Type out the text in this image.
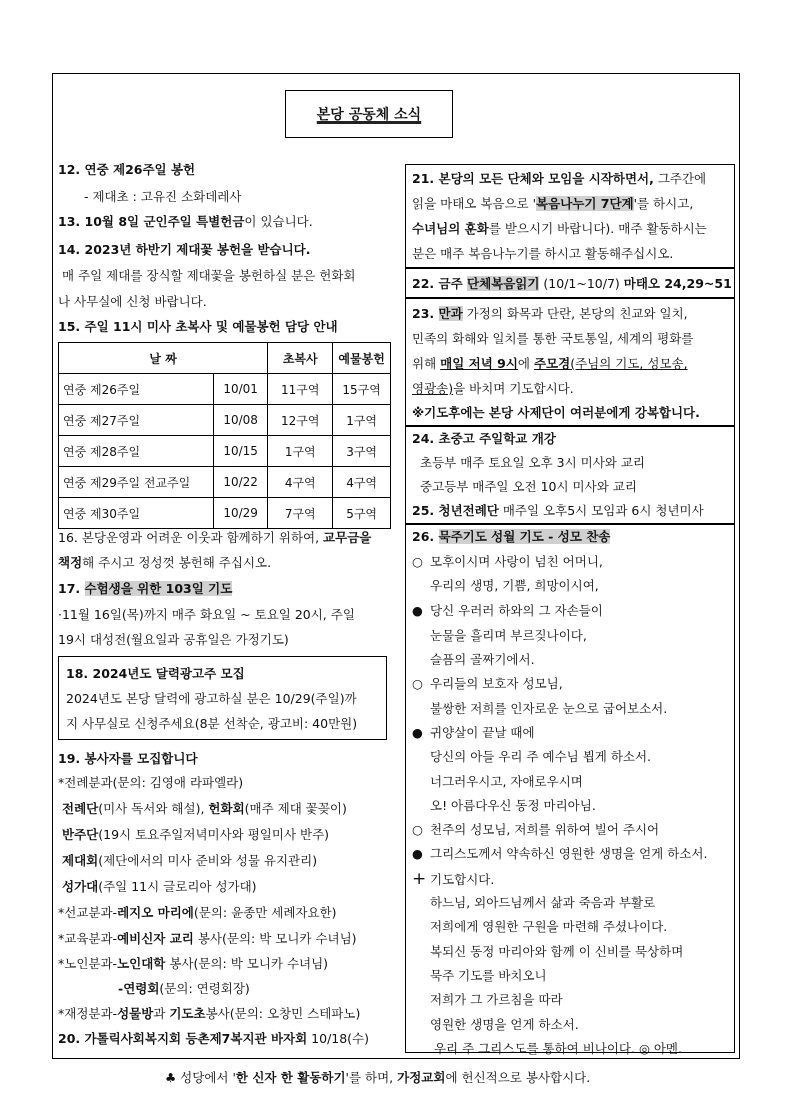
본당 공동체 소식
12. 연중 제26주일 봉헌
- 제대초 : 고유진 소화데레사
13. 10월 8일 군인주일 특별헌금이 있습니다.
14. 2023년 하반기 제대꽃 봉헌을 받습니다.
매 주일 제대를 장식할 제대꽃을 봉헌하실 분은 헌화회
나 사무실에 신청 바랍니다.
15. 주일 11시 미사 초복사 및 예물봉헌 담당 안내
날 짜		초복사	예물봉헌
연중 제26주일	10/01	11구역	15구역
연중 제27주일	10/08	12구역	1구역
연중 제28주일	10/15	1구역	3구역
연중 제29주일 전교주일	10/22	4구역	4구역
연중 제30주일	10/29	7구역	5구역
16. 본당운영과 어려운 이웃과 함께하기 위하여, 교무금을
책정해 주시고 정성껏 봉헌해 주십시오.
17. 수험생을 위한 103일 기도
·11월 16일(목)까지 매주 화요일 ~ 토요일 20시, 주일
19시 대성전(월요일과 공휴일은 가정기도)
18. 2024년도 달력광고주 모집
2024년도 본당 달력에 광고하실 분은 10/29(주일)까
지 사무실로 신청주세요(8분 선착순, 광고비: 40만원)
19. 봉사자를 모집합니다
*전례분과(문의: 김영애 라파엘라)
전례단(미사 독서와 해설), 헌화회(매주 제대 꽃꽂이)
반주단(19시 토요주일저녁미사와 평일미사 반주)
제대회(제단에서의 미사 준비와 성물 유지관리)
성가대(주일 11시 글로리아 성가대)
*선교분과-레지오 마리에(문의: 윤종만 세례자요한)
*교육분과-예비신자 교리 봉사(문의: 박 모니카 수녀님)
*노인분과-노인대학 봉사(문의: 박 모니카 수녀님)
-연령회(문의: 연령회장)
*재정분과-성물방과 기도초봉사(문의: 오창민 스테파노)
20. 가톨릭사회복지회 등촌제7복지관 바자회 10/18(수)
21. 본당의 모든 단체와 모임을 시작하면서, 그주간에
읽을 마태오 복음으로 '복음나누기 7단계'를 하시고,
수녀님의 훈화를 받으시기 바랍니다). 매주 활동하시는
분은 매주 복음나누기를 하시고 활동해주십시오.
22. 금주 단체복음읽기 (10/1~10/7) 마태오 24,29~51
23. 만과 가정의 화목과 단란, 본당의 친교와 일치,
민족의 화해와 일치를 통한 국토통일, 세계의 평화를
위해 매일 저녁 9시에 주모경(주님의 기도, 성모송,
영광송)을 바치며 기도합시다.
※기도후에는 본당 사제단이 여러분에게 강복합니다.
24. 초중고 주일학교 개강
초등부 매주 토요일 오후 3시 미사와 교리
중고등부 매주일 오전 10시 미사와 교리
25. 청년전례단 매주일 오후5시 모임과 6시 청년미사
26. 묵주기도 성월 기도 - 성모 찬송
○ 모후이시며 사랑이 넘친 어머니,
우리의 생명, 기쁨, 희망이시여,
● 당신 우러러 하와의 그 자손들이
눈물을 흘리며 부르짖나이다,
슬픔의 골짜기에서.
○ 우리들의 보호자 성모님,
불쌍한 저희를 인자로운 눈으로 굽어보소서.
● 귀양살이 끝날 때에
당신의 아들 우리 주 예수님 뵙게 하소서.
너그러우시고, 자애로우시며
오! 아름다우신 동정 마리아님.
○ 천주의 성모님, 저희를 위하여 빌어 주시어
● 그리스도께서 약속하신 영원한 생명을 얻게 하소서.
+ 기도합시다.
하느님, 외아드님께서 삶과 죽음과 부활로
저희에게 영원한 구원을 마련해 주셨나이다.
복되신 동정 마리아와 함께 이 신비를 묵상하며
묵주 기도를 바치오니
저희가 그 가르침을 따라
영원한 생명을 얻게 하소서.
우리 주 그리스도를 통하여 비나이다. ◎ 아멘.
♣ 성당에서 '한 신자 한 활동하기'를 하며, 가정교회에 헌신적으로 봉사합시다.
